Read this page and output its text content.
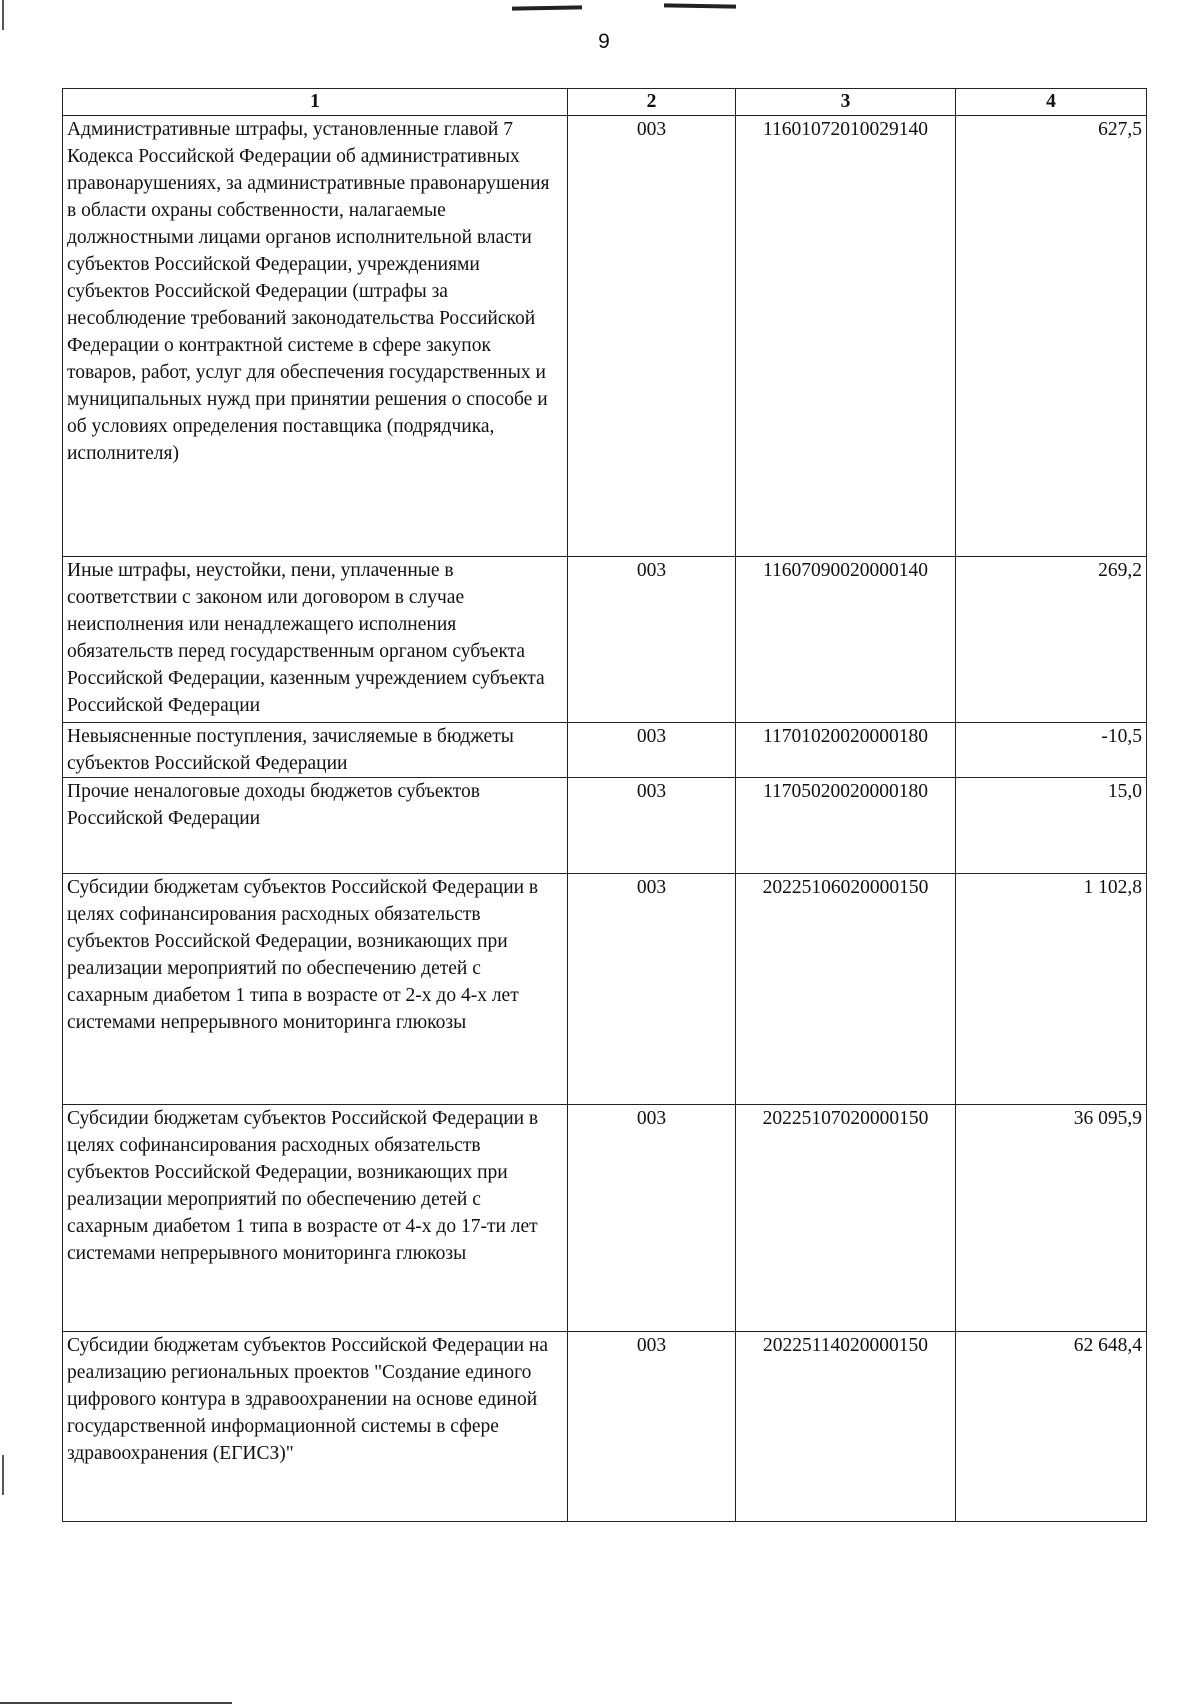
9
1	2	3	4
Административные штрафы, установленные главой 7 Кодекса Российской Федерации об административных правонарушениях, за административные правонарушения в области охраны собственности, налагаемые должностными лицами органов исполнительной власти субъектов Российской Федерации, учреждениями субъектов Российской Федерации (штрафы за несоблюдение требований законодательства Российской Федерации о контрактной системе в сфере закупок товаров, работ, услуг для обеспечения государственных и муниципальных нужд при принятии решения о способе и об условиях определения поставщика (подрядчика, исполнителя)	003	11601072010029140	627,5
Иные штрафы, неустойки, пени, уплаченные в соответствии с законом или договором в случае неисполнения или ненадлежащего исполнения обязательств перед государственным органом субъекта Российской Федерации, казенным учреждением субъекта Российской Федерации	003	11607090020000140	269,2
Невыясненные поступления, зачисляемые в бюджеты субъектов Российской Федерации	003	11701020020000180	-10,5
Прочие неналоговые доходы бюджетов субъектов Российской Федерации	003	11705020020000180	15,0
Субсидии бюджетам субъектов Российской Федерации в целях софинансирования расходных обязательств субъектов Российской Федерации, возникающих при реализации мероприятий по обеспечению детей с сахарным диабетом 1 типа в возрасте от 2-х до 4-х лет системами непрерывного мониторинга глюкозы	003	20225106020000150	1 102,8
Субсидии бюджетам субъектов Российской Федерации в целях софинансирования расходных обязательств субъектов Российской Федерации, возникающих при реализации мероприятий по обеспечению детей с сахарным диабетом 1 типа в возрасте от 4-х до 17-ти лет системами непрерывного мониторинга глюкозы	003	20225107020000150	36 095,9
Субсидии бюджетам субъектов Российской Федерации на реализацию региональных проектов "Создание единого цифрового контура в здравоохранении на основе единой государственной информационной системы в сфере здравоохранения (ЕГИСЗ)"	003	20225114020000150	62 648,4
